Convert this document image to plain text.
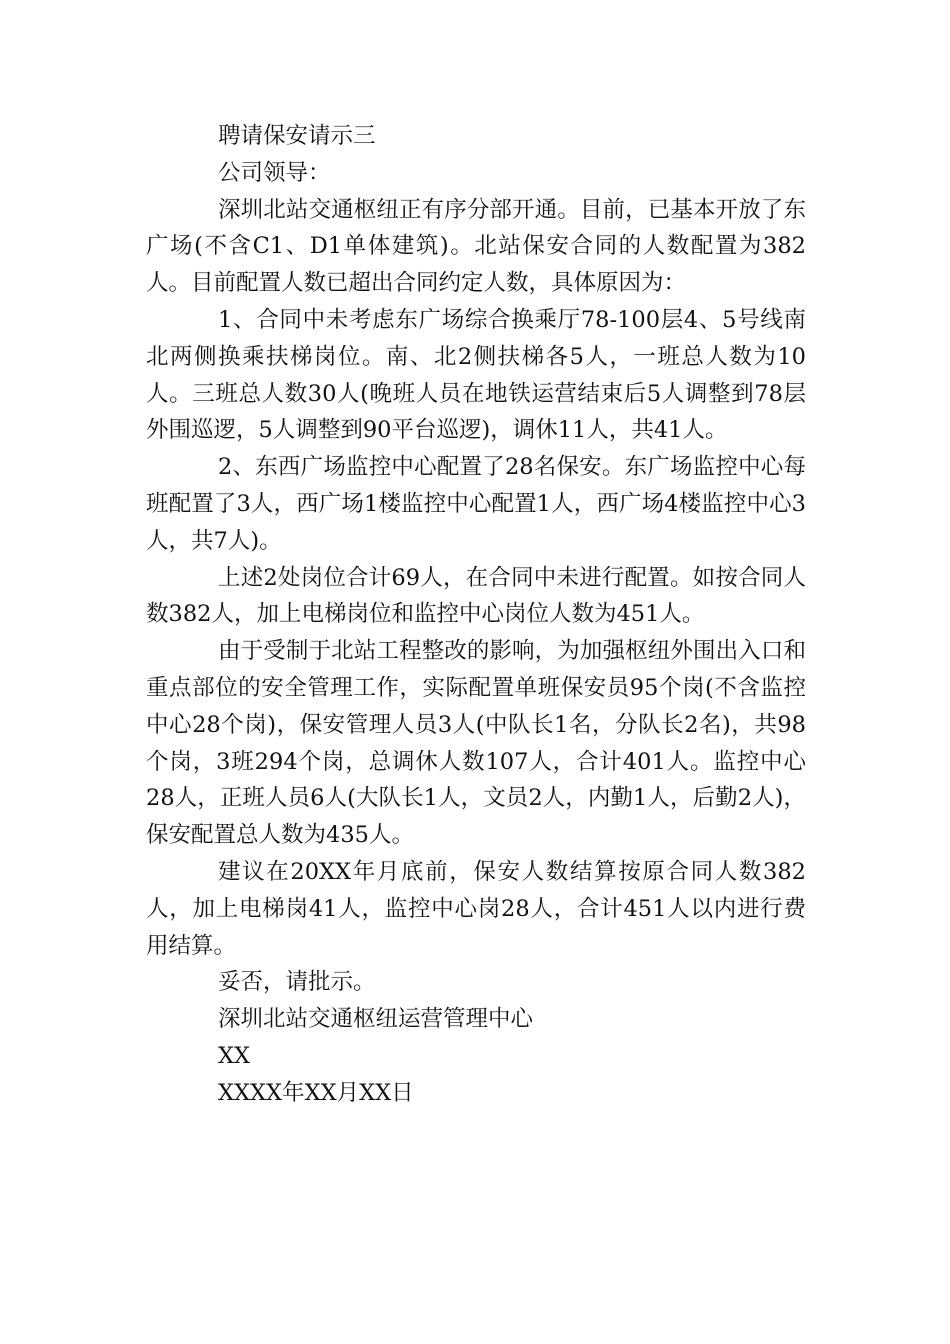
聘请保安请示三

公司领导：

深圳北站交通枢纽正有序分部开通。目前，已基本开放了东广场(不含C1、D1单体建筑)。北站保安合同的人数配置为382人。目前配置人数已超出合同约定人数，具体原因为：

1、合同中未考虑东广场综合换乘厅78-100层4、5号线南北两侧换乘扶梯岗位。南、北2侧扶梯各5人，一班总人数为10人。三班总人数30人(晚班人员在地铁运营结束后5人调整到78层外围巡逻，5人调整到90平台巡逻)，调休11人，共41人。

2、东西广场监控中心配置了28名保安。东广场监控中心每班配置了3人，西广场1楼监控中心配置1人，西广场4楼监控中心3人，共7人)。

上述2处岗位合计69人，在合同中未进行配置。如按合同人数382人，加上电梯岗位和监控中心岗位人数为451人。

由于受制于北站工程整改的影响，为加强枢纽外围出入口和重点部位的安全管理工作，实际配置单班保安员95个岗(不含监控中心28个岗)，保安管理人员3人(中队长1名，分队长2名)，共98个岗，3班294个岗，总调休人数107人，合计401人。监控中心28人，正班人员6人(大队长1人，文员2人，内勤1人，后勤2人)，保安配置总人数为435人。

建议在20XX年月底前，保安人数结算按原合同人数382人，加上电梯岗41人，监控中心岗28人，合计451人以内进行费用结算。

妥否，请批示。

深圳北站交通枢纽运营管理中心

XX

XXXX年XX月XX日
